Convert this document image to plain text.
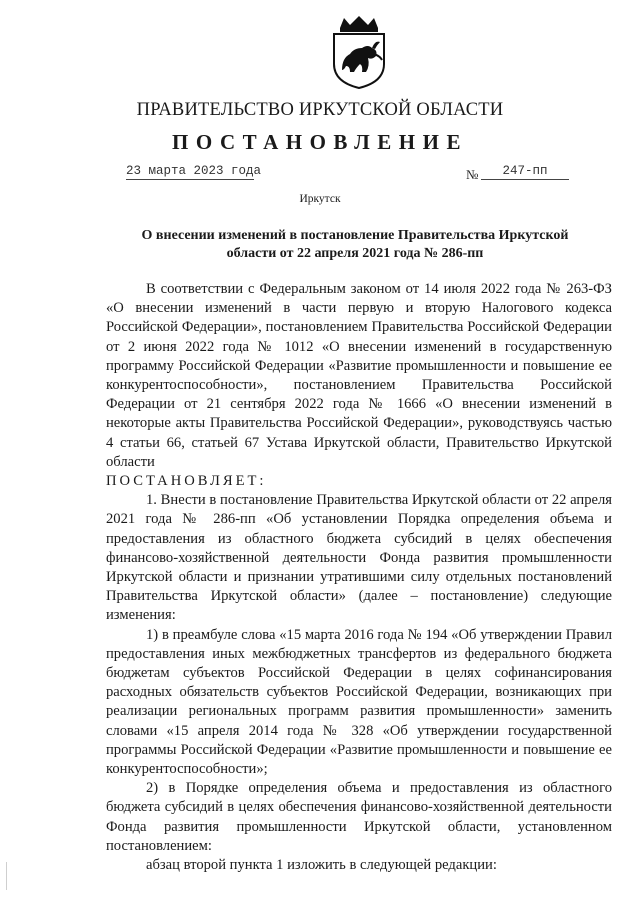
ПРАВИТЕЛЬСТВО ИРКУТСКОЙ ОБЛАСТИ
ПОСТАНОВЛЕНИЕ
23 марта 2023 года	№	247-пп
Иркутск
О внесении изменений в постановление Правительства Иркутской области от 22 апреля 2021 года № 286-пп

В соответствии с Федеральным законом от 14 июля 2022 года № 263-ФЗ «О внесении изменений в части первую и вторую Налогового кодекса Российской Федерации», постановлением Правительства Российской Федерации от 2 июня 2022 года № 1012 «О внесении изменений в государственную программу Российской Федерации «Развитие промышленности и повышение ее конкурентоспособности», постановлением Правительства Российской Федерации от 21 сентября 2022 года № 1666 «О внесении изменений в некоторые акты Правительства Российской Федерации», руководствуясь частью 4 статьи 66, статьей 67 Устава Иркутской области, Правительство Иркутской области

ПОСТАНОВЛЯЕТ:

1. Внести в постановление Правительства Иркутской области от 22 апреля 2021 года № 286-пп «Об установлении Порядка определения объема и предоставления из областного бюджета субсидий в целях обеспечения финансово-хозяйственной деятельности Фонда развития промышленности Иркутской области и признании утратившими силу отдельных постановлений Правительства Иркутской области» (далее – постановление) следующие изменения:

1) в преамбуле слова «15 марта 2016 года № 194 «Об утверждении Правил предоставления иных межбюджетных трансфертов из федерального бюджета бюджетам субъектов Российской Федерации в целях софинансирования расходных обязательств субъектов Российской Федерации, возникающих при реализации региональных программ развития промышленности» заменить словами «15 апреля 2014 года № 328 «Об утверждении государственной программы Российской Федерации «Развитие промышленности и повышение ее конкурентоспособности»;

2) в Порядке определения объема и предоставления из областного бюджета субсидий в целях обеспечения финансово-хозяйственной деятельности Фонда развития промышленности Иркутской области, установленном постановлением:

абзац второй пункта 1 изложить в следующей редакции:
